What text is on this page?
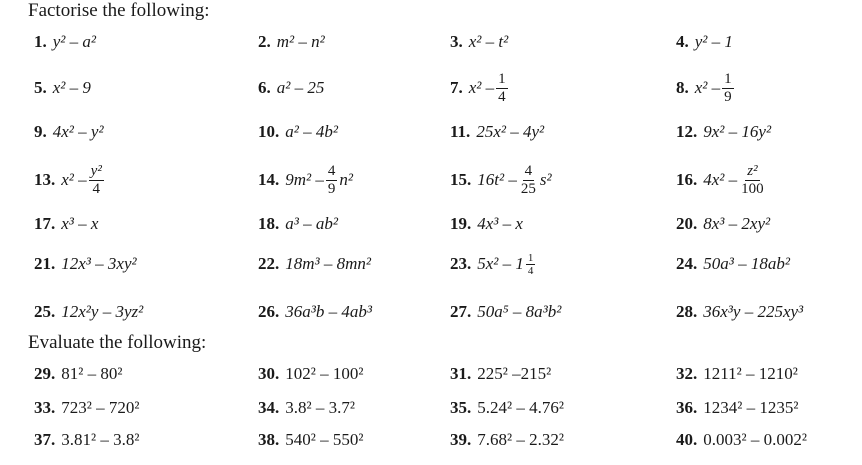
Factorise the following:
1. y² – a²	2. m² – n²	3. x² – t²	4. y² – 1
5. x² – 9	6. a² – 25	7. $x^2 - \frac{1}{4}$	8. $x^2 - \frac{1}{9}$
9. 4x² – y²	10. a² – 4b²	11. 25x² – 4y²	12. 9x² – 16y²
13. $x^2 - \frac{\text{y²}}{4}$	14. $9m^2 - \frac{4}{9} n^2$	15. $16t^2 - \frac{4}{25} s^2$	16. $4x^2 - \frac{\text{z²}}{100}$
17. x³ – x	18. a³ – ab²	19. 4x³ – x	20. 8x³ – 2xy²
21. 12x³ – 3xy²	22. 18m³ – 8mn²	23. $5x^2 - 1 \frac{1}{4}$	24. 50a³ – 18ab²
25. 12x²y – 3yz²	26. 36a³b – 4ab³	27. 50a⁵ – 8a³b²	28. 36x³y – 225xy³
Evaluate the following:
29. 81² – 80²	30. 102² – 100²	31. 225² –215²	32. 1211² – 1210²
33. 723² – 720²	34. 3.8² – 3.7²	35. 5.24² – 4.76²	36. 1234² – 1235²
37. 3.81² – 3.8²	38. 540² – 550²	39. 7.68² – 2.32²	40. 0.003² – 0.002²
